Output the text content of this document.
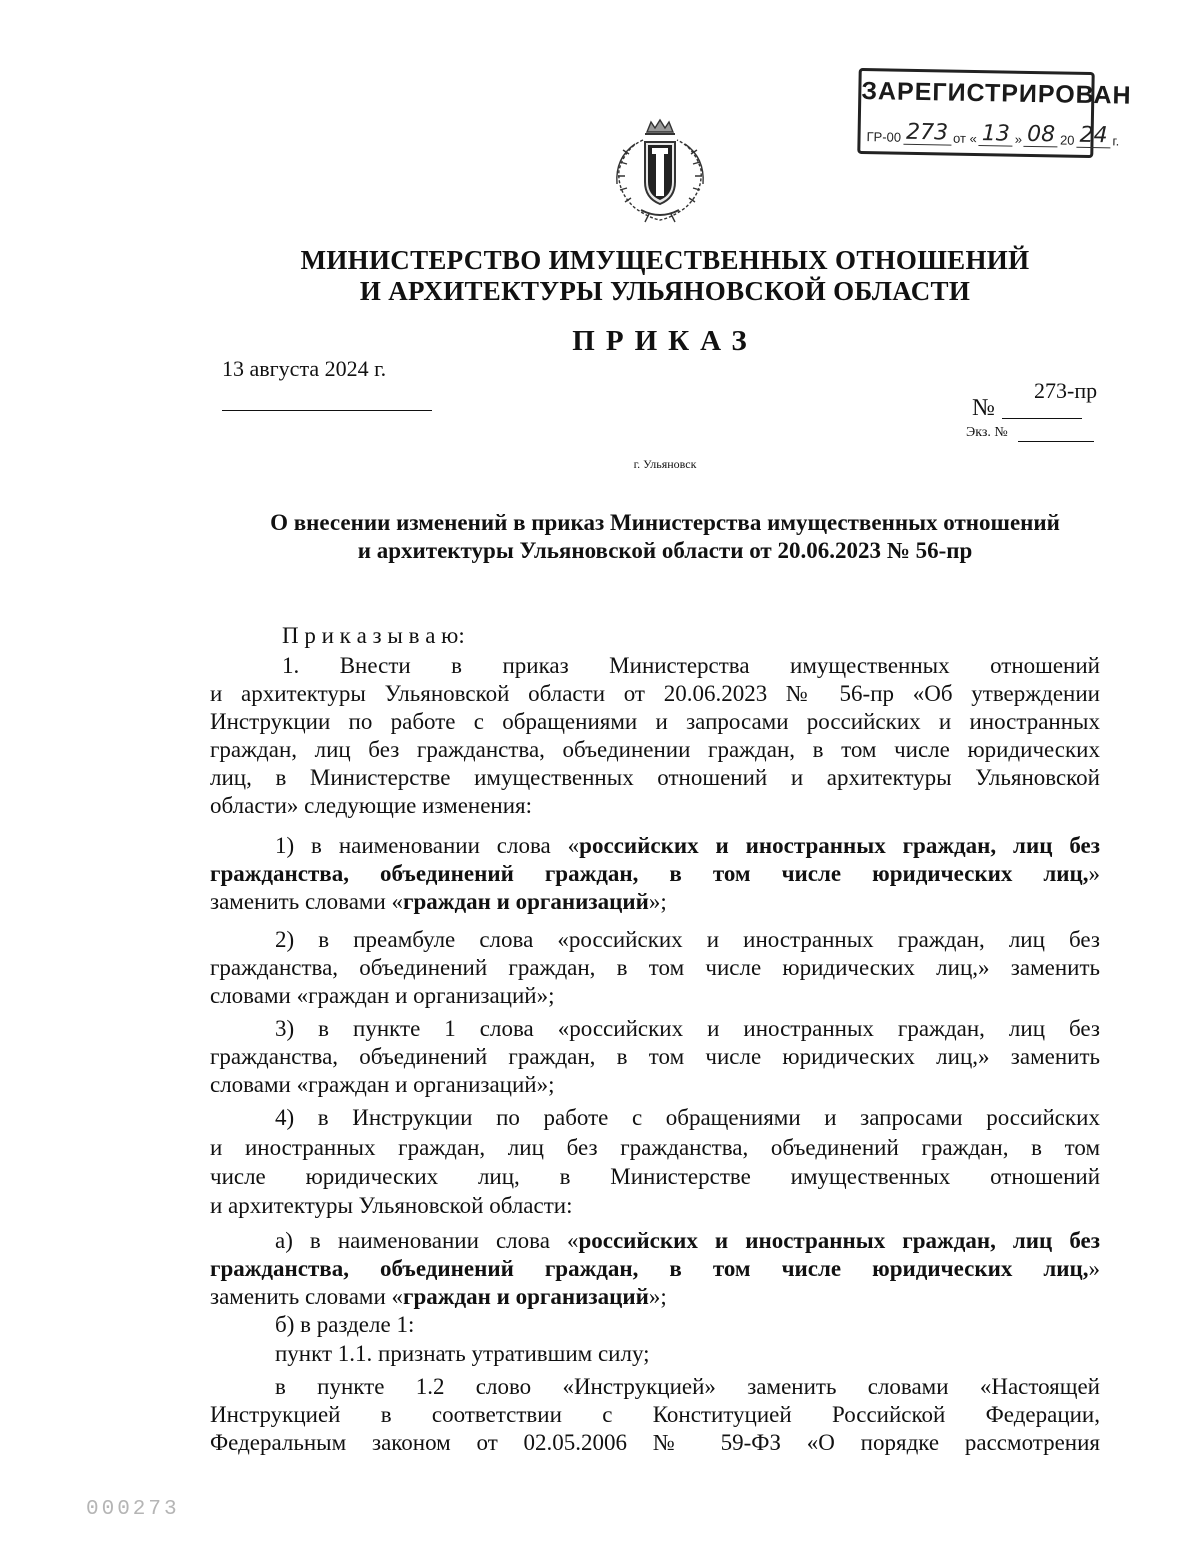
ЗАРЕГИСТРИРОВАН
ГР-00 273 от « 13 » 08 20 24 г.
МИНИСТЕРСТВО ИМУЩЕСТВЕННЫХ ОТНОШЕНИЙ
И АРХИТЕКТУРЫ УЛЬЯНОВСКОЙ ОБЛАСТИ
ПРИКАЗ
13 августа 2024 г.
273-пр
№
Экз. №
г. Ульяновск
О внесении изменений в приказ Министерства имущественных отношений
и архитектуры Ульяновской области от 20.06.2023 № 56-пр
П р и к а з ы в а ю:
1. Внести в приказ Министерства имущественных отношений
и архитектуры Ульяновской области от 20.06.2023 № 56-пр «Об утверждении
Инструкции по работе с обращениями и запросами российских и иностранных
граждан, лиц без гражданства, объединении граждан, в том числе юридических
лиц, в Министерстве имущественных отношений и архитектуры Ульяновской
области» следующие изменения:
1) в наименовании слова «российских и иностранных граждан, лиц без
гражданства, объединений граждан, в том числе юридических лиц,»
заменить словами «граждан и организаций»;
2) в преамбуле слова «российских и иностранных граждан, лиц без
гражданства, объединений граждан, в том числе юридических лиц,» заменить
словами «граждан и организаций»;
3) в пункте 1 слова «российских и иностранных граждан, лиц без
гражданства, объединений граждан, в том числе юридических лиц,» заменить
словами «граждан и организаций»;
4) в Инструкции по работе с обращениями и запросами российских
и иностранных граждан, лиц без гражданства, объединений граждан, в том
числе юридических лиц, в Министерстве имущественных отношений
и архитектуры Ульяновской области:
а) в наименовании слова «российских и иностранных граждан, лиц без
гражданства, объединений граждан, в том числе юридических лиц,»
заменить словами «граждан и организаций»;
б) в разделе 1:
пункт 1.1. признать утратившим силу;
в пункте 1.2 слово «Инструкцией» заменить словами «Настоящей
Инструкцией в соответствии с Конституцией Российской Федерации,
Федеральным законом от 02.05.2006 № 59-ФЗ «О порядке рассмотрения
000273
